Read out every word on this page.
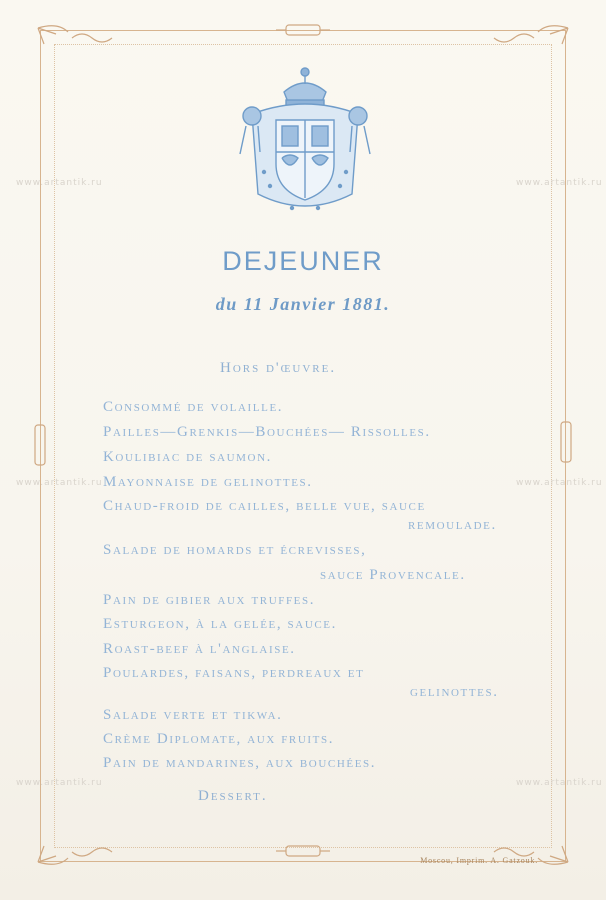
DEJEUNER
du 11 Janvier 1881.
Hors d'œuvre.
Consommé de volaille.
Pailles—Grenkis—Bouchées— Rissolles.
Koulibiac de saumon.
Mayonnaise de gelinottes.
Chaud-froid de cailles, belle vue, sauce
remoulade.
Salade de homards et écrevisses,
sauce Provencale.
Pain de gibier aux truffes.
Esturgeon, à la gelée, sauce.
Roast-beef à l'anglaise.
Poulardes, faisans, perdreaux et
gelinottes.
Salade verte et tikwa.
Crème Diplomate, aux fruits.
Pain de mandarines, aux bouchées.
Dessert.
Moscou, Imprim. A. Gatzouk.
www.artantik.ru	www.artantik.ru
www.artantik.ru	www.artantik.ru
www.artantik.ru	www.artantik.ru
